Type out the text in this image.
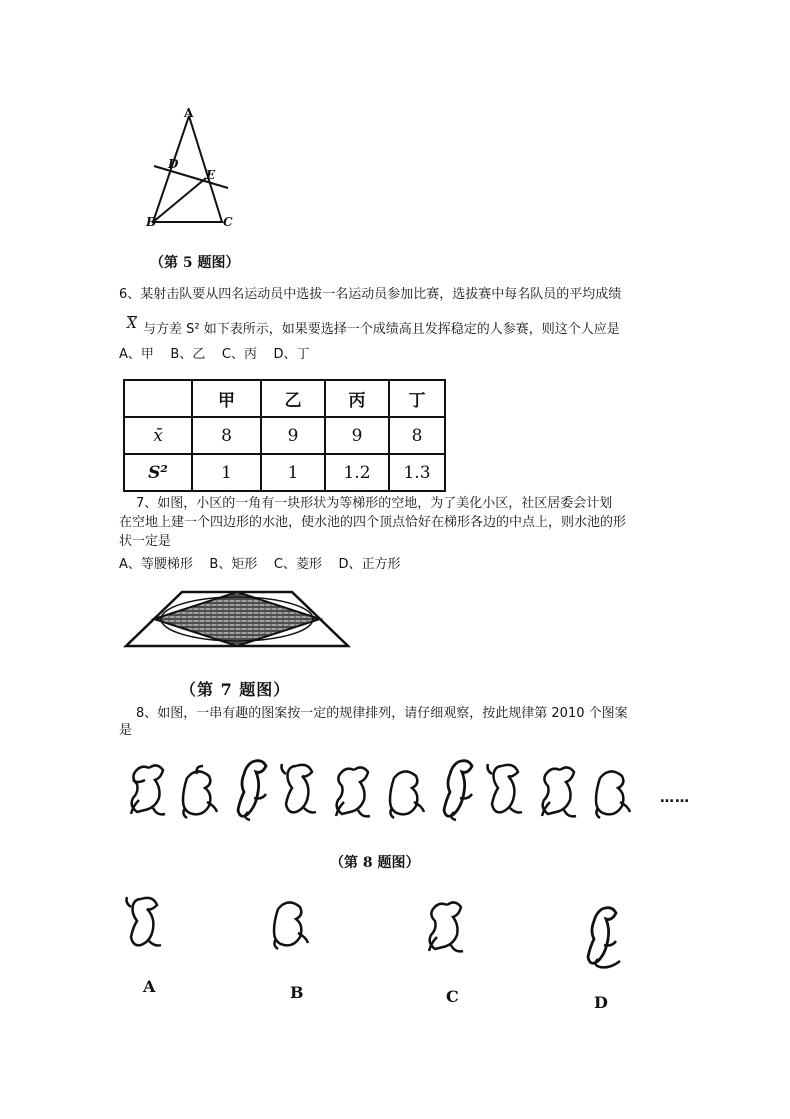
A
D
E
B	C
（第 5 题图）
6、某射击队要从四名运动员中选拔一名运动员参加比赛，选拔赛中每名队员的平均成绩
X 与方差 S² 如下表所示，如果要选择一个成绩高且发挥稳定的人参赛，则这个人应是
A、甲    B、乙    C、丙    D、丁
	甲	乙	丙	丁
x̄	8	9	9	8
S²	1	1	1.2	1.3
7、如图，小区的一角有一块形状为等梯形的空地，为了美化小区，社区居委会计划
在空地上建一个四边形的水池，使水池的四个顶点恰好在梯形各边的中点上，则水池的形
状一定是
A、等腰梯形    B、矩形    C、菱形    D、正方形
（第 7 题图）
8、如图，一串有趣的图案按一定的规律排列，请仔细观察，按此规律第 2010 个图案
是
……
（第 8 题图）
A	B	C	D
